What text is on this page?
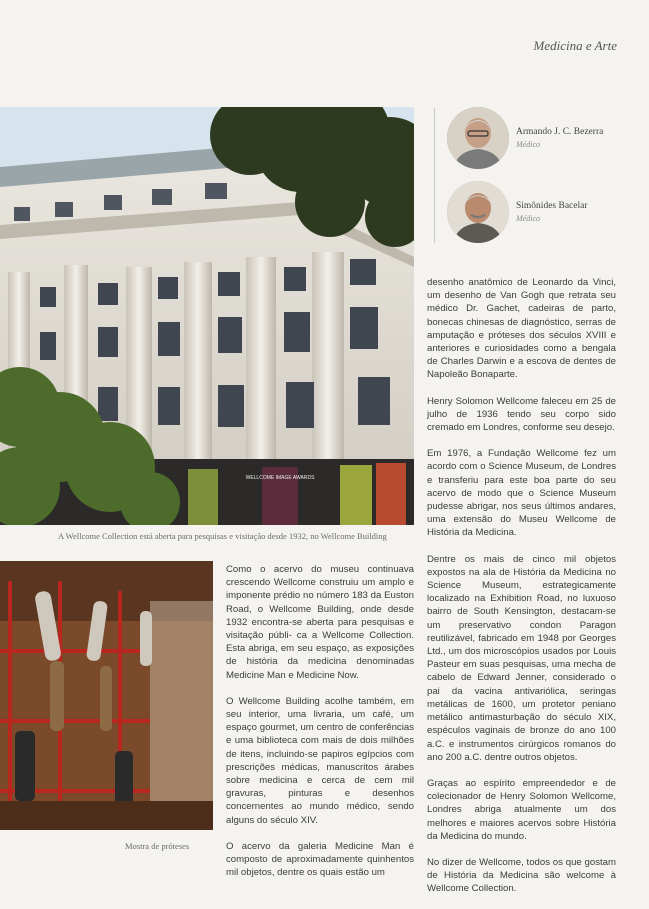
Medicina e Arte
WELLCOME IMAGE AWARDS
A Wellcome Collection está aberta para pesquisas e visitação desde 1932, no Wellcome Building
Armando J. C. Bezerra
Médico
Simônides Bacelar
Médico

desenho anatômico de Leonardo da Vinci, um desenho de Van Gogh que retrata seu médico Dr. Gachet, cadeiras de parto, bonecas chinesas de diagnóstico, serras de amputação e próteses dos séculos XVIII e anteriores e curiosidades como a bengala de Charles Darwin e a escova de dentes de Napoleão Bonaparte.

Henry Solomon Wellcome faleceu em 25 de julho de 1936 tendo seu corpo sido cremado em Londres, conforme seu desejo.

Em 1976, a Fundação Wellcome fez um acordo com o Science Museum, de Londres e transferiu para este boa parte do seu acervo de modo que o Science Museum pudesse abrigar, nos seus últimos andares, uma extensão do Museu Wellcome de História da Medicina.

Dentre os mais de cinco mil objetos expostos na ala de História da Medicina no Science Museum, estrategicamente localizado na Exhibition Road, no luxuoso bairro de South Kensington, destacam-se um preservativo condon Paragon reutilizável, fabricado em 1948 por Georges Ltd., um dos microscópios usados por Louis Pasteur em suas pesquisas, uma mecha de cabelo de Edward Jenner, considerado o pai da vacina antivariólica, seringas metálicas de 1600, um protetor peniano metálico antimasturbação do século XIX, espéculos vaginais de bronze do ano 100 a.C. e instrumentos cirúrgicos romanos do ano 200 a.C. dentre outros objetos.

Graças ao espírito empreendedor e de colecionador de Henry Solomon Wellcome, Londres abriga atualmente um dos melhores e maiores acervos sobre História da Medicina do mundo.

No dizer de Wellcome, todos os que gostam de História da Medicina são welcome à Wellcome Collection.

Mostra de próteses

Como o acervo do museu continuava crescendo Wellcome construiu um amplo e imponente prédio no número 183 da Euston Road, o Wellcome Building, onde desde 1932 encontra-se aberta para pesquisas e visitação públi- ca a Wellcome Collection. Esta abriga, em seu espaço, as exposições de história da medicina denominadas Medicine Man e Medicine Now.

O Wellcome Building acolhe também, em seu interior, uma livraria, um café, um espaço gourmet, um centro de conferências e uma biblioteca com mais de dois milhões de itens, incluindo-se papiros egípcios com prescrições médicas, manuscritos árabes sobre medicina e cerca de cem mil gravuras, pinturas e desenhos concernentes ao mundo médico, sendo alguns do século XIV.

O acervo da galeria Medicine Man é composto de aproximadamente quinhentos mil objetos, dentre os quais estão um
